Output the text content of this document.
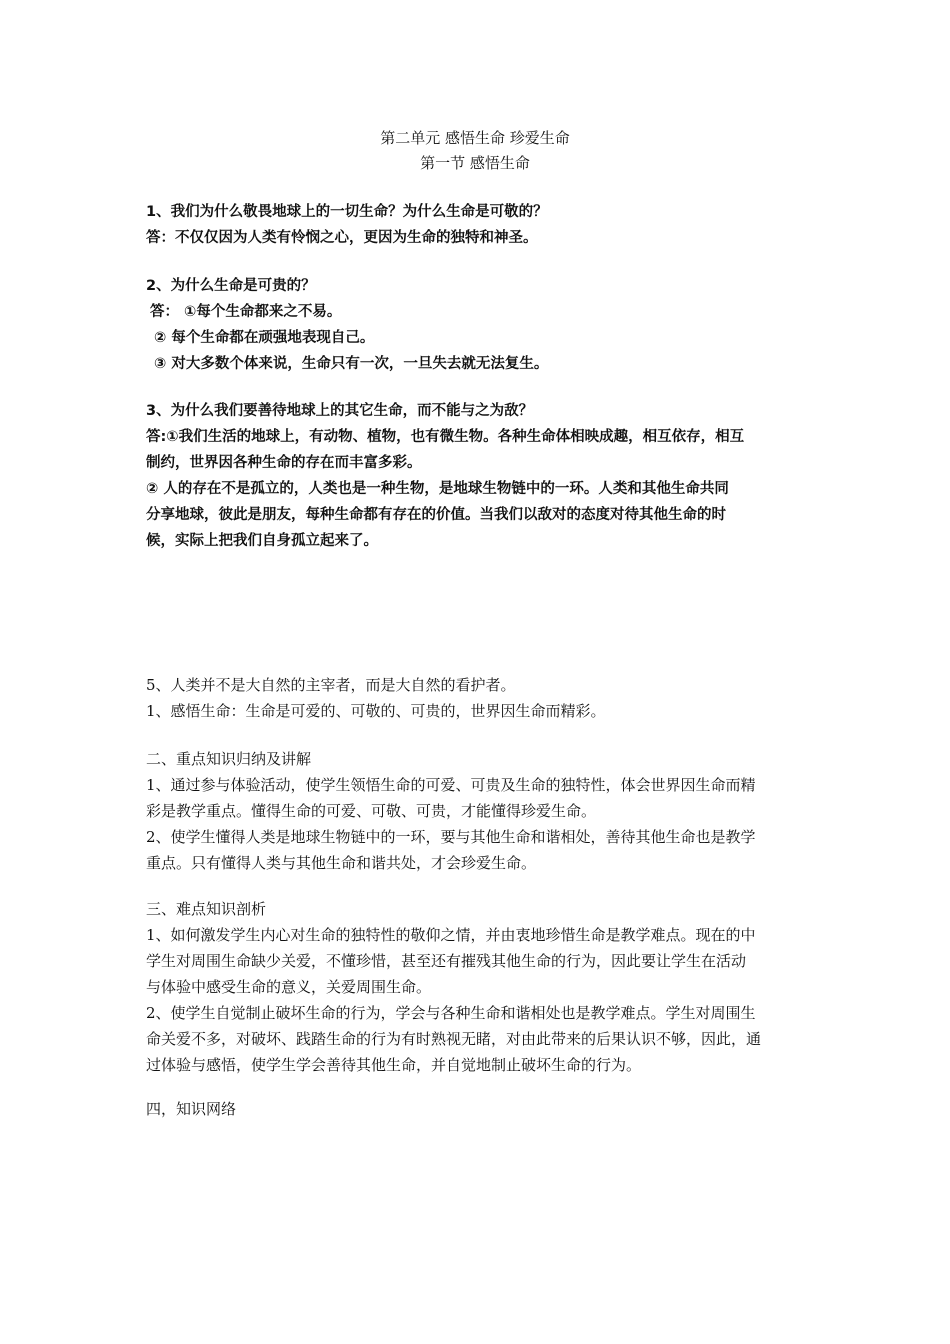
第二单元 感悟生命 珍爱生命
第一节 感悟生命
1、我们为什么敬畏地球上的一切生命？为什么生命是可敬的？
答：不仅仅因为人类有怜悯之心，更因为生命的独特和神圣。
2、为什么生命是可贵的？
答： ①每个生命都来之不易。
② 每个生命都在顽强地表现自己。
③ 对大多数个体来说，生命只有一次，一旦失去就无法复生。
3、为什么我们要善待地球上的其它生命，而不能与之为敌？
答:①我们生活的地球上，有动物、植物，也有微生物。各种生命体相映成趣，相互依存，相互
制约，世界因各种生命的存在而丰富多彩。
② 人的存在不是孤立的，人类也是一种生物，是地球生物链中的一环。人类和其他生命共同
分享地球，彼此是朋友，每种生命都有存在的价值。当我们以敌对的态度对待其他生命的时
候，实际上把我们自身孤立起来了。
5、人类并不是大自然的主宰者，而是大自然的看护者。
1、感悟生命：生命是可爱的、可敬的、可贵的，世界因生命而精彩。
二、重点知识归纳及讲解
1、通过参与体验活动，使学生领悟生命的可爱、可贵及生命的独特性，体会世界因生命而精
彩是教学重点。懂得生命的可爱、可敬、可贵，才能懂得珍爱生命。
2、使学生懂得人类是地球生物链中的一环，要与其他生命和谐相处，善待其他生命也是教学
重点。只有懂得人类与其他生命和谐共处，才会珍爱生命。
三、难点知识剖析
1、如何激发学生内心对生命的独特性的敬仰之情，并由衷地珍惜生命是教学难点。现在的中
学生对周围生命缺少关爱，不懂珍惜，甚至还有摧残其他生命的行为，因此要让学生在活动
与体验中感受生命的意义，关爱周围生命。
2、使学生自觉制止破坏生命的行为，学会与各种生命和谐相处也是教学难点。学生对周围生
命关爱不多，对破坏、践踏生命的行为有时熟视无睹，对由此带来的后果认识不够，因此，通
过体验与感悟，使学生学会善待其他生命，并自觉地制止破坏生命的行为。
四，知识网络
